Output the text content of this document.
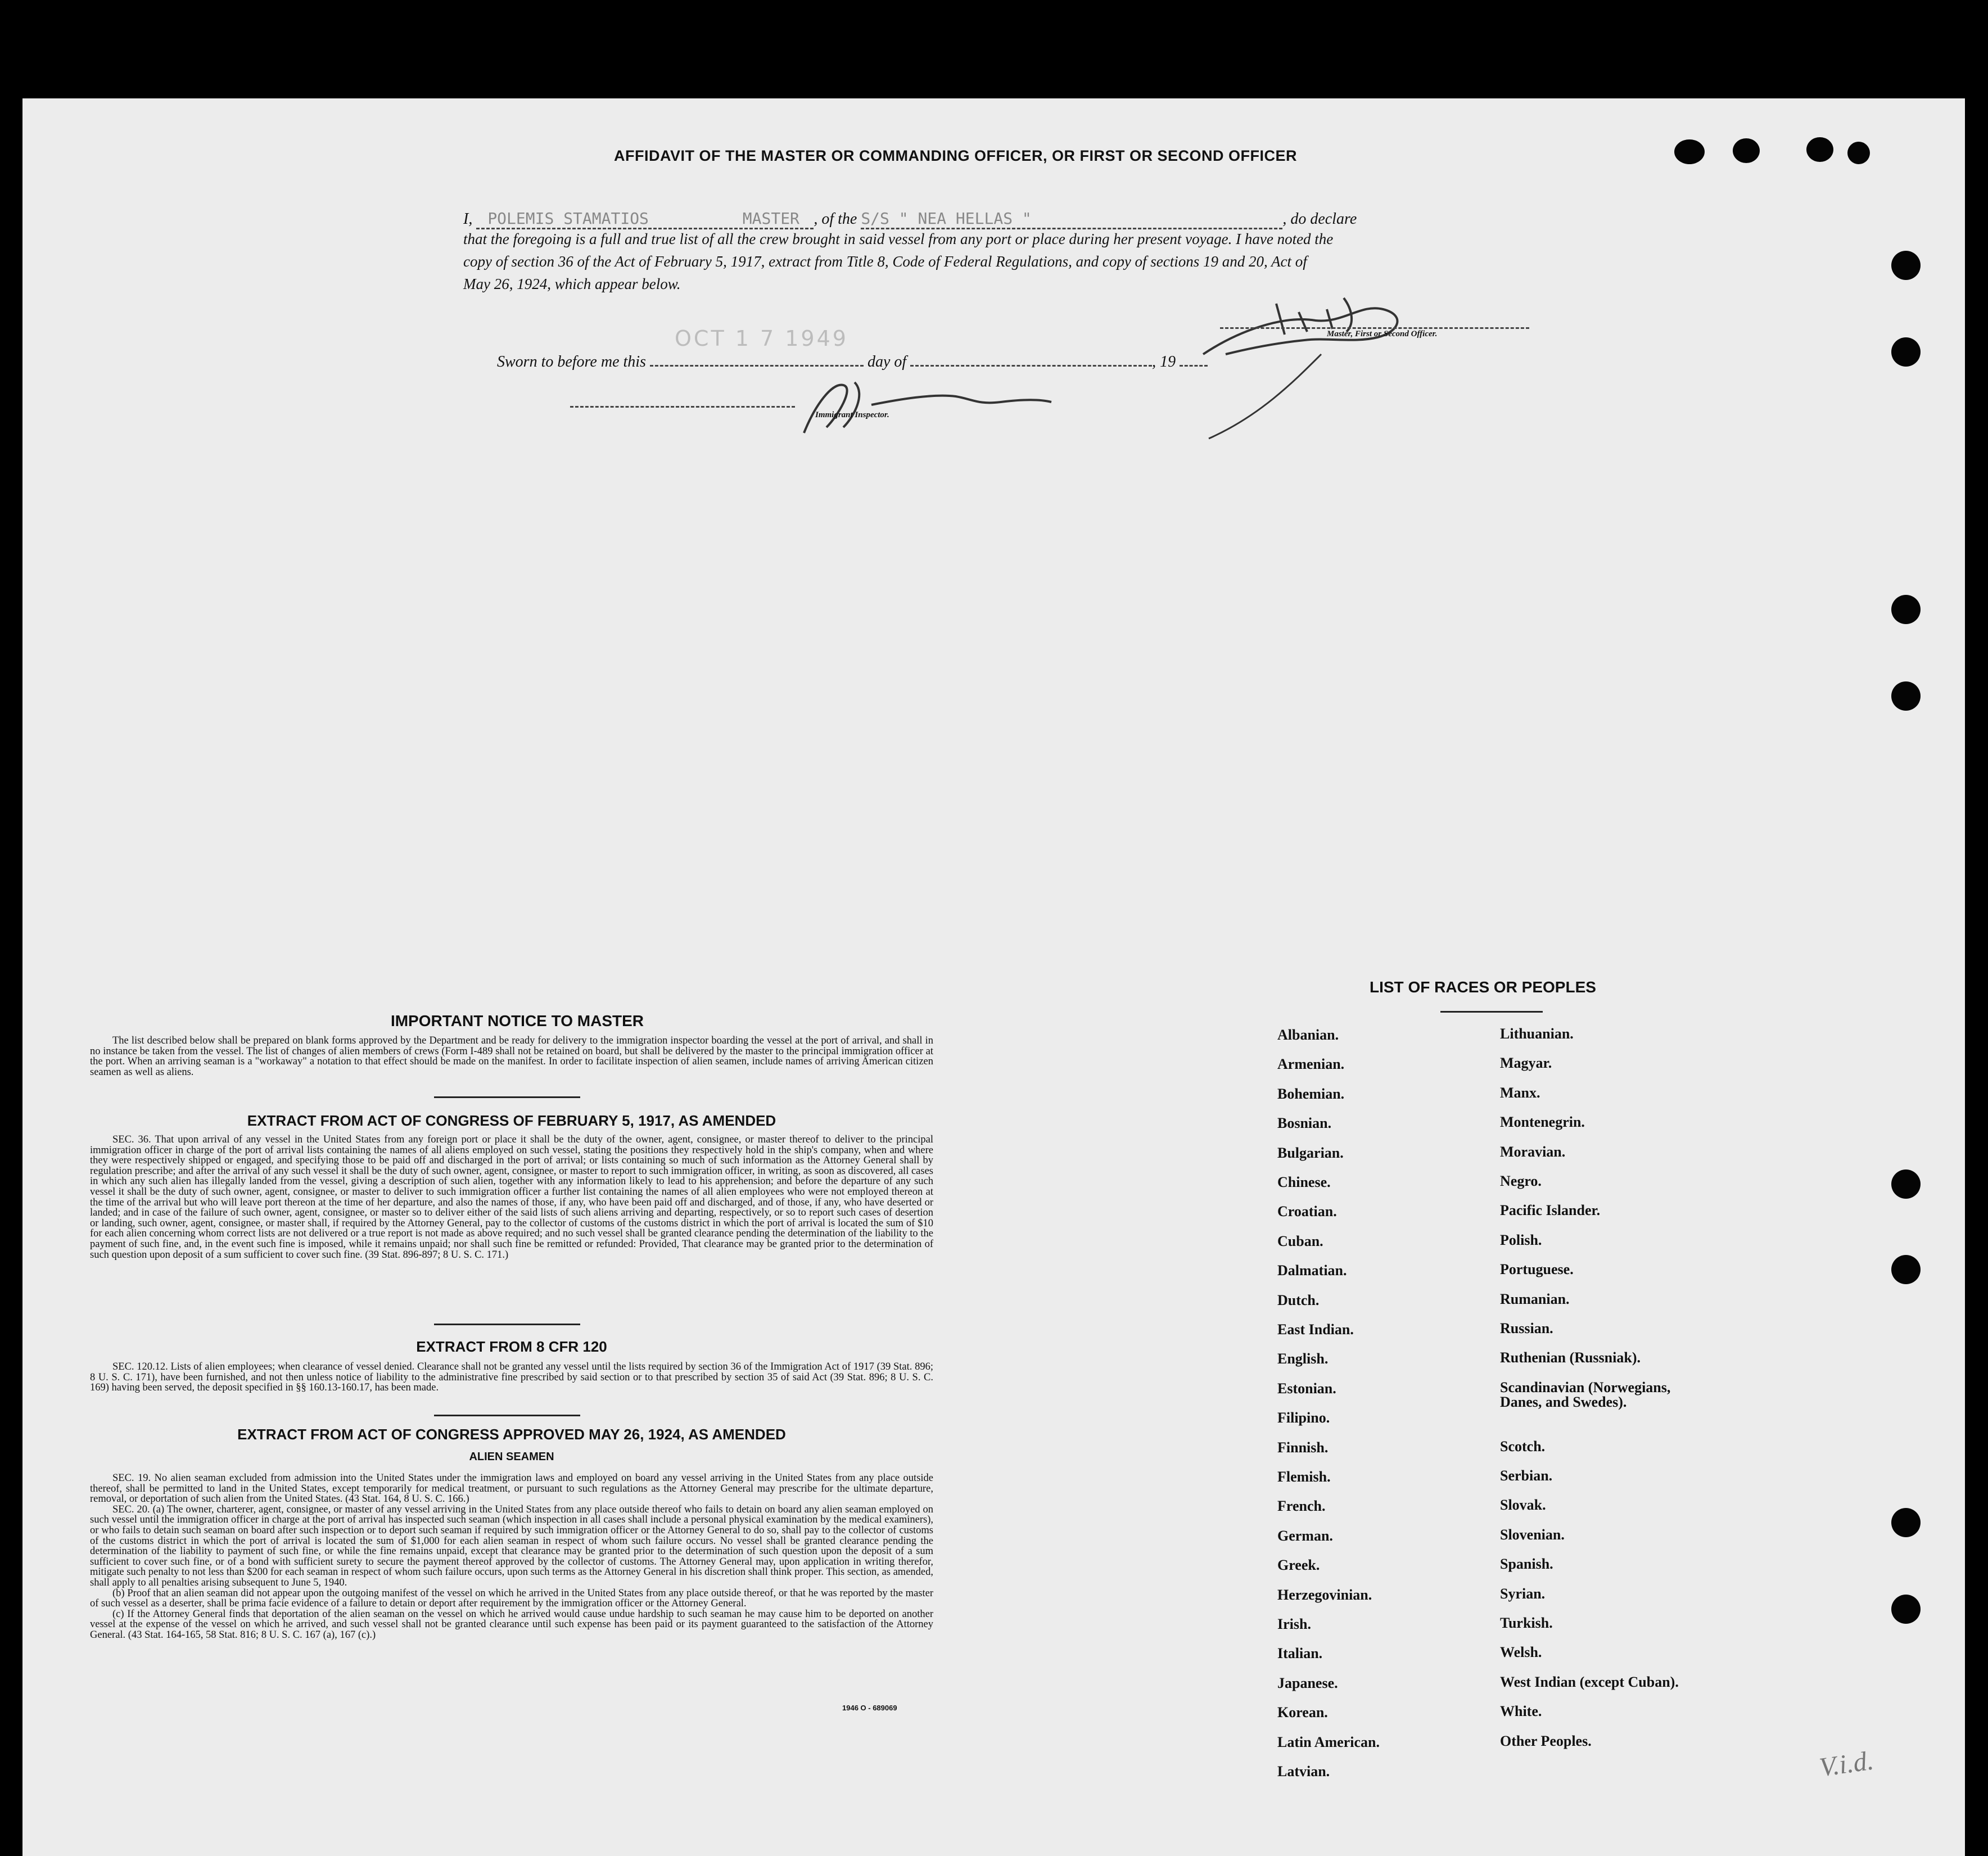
AFFIDAVIT OF THE MASTER OR COMMANDING OFFICER, OR FIRST OR SECOND OFFICER
I, POLEMIS STAMATIOS	MASTER , of the S/S " NEA HELLAS "	, do declare
that the foregoing is a full and true list of all the crew brought in said vessel from any port or place during her present voyage. I have noted the
copy of section 36 of the Act of February 5, 1917, extract from Title 8, Code of Federal Regulations, and copy of sections 19 and 20, Act of
May 26, 1924, which appear below.
OCT 1 7 1949	Master, First or Second Officer.
Sworn to before me this	day of	, 19
Immigrant Inspector.
IMPORTANT NOTICE TO MASTER

The list described below shall be prepared on blank forms approved by the Department and be ready for delivery to the immigration inspector boarding the vessel at the port of arrival, and shall in no instance be taken from the vessel. The list of changes of alien members of crews (Form I-489 shall not be retained on board, but shall be delivered by the master to the principal immigration officer at the port. When an arriving seaman is a "workaway" a notation to that effect should be made on the manifest. In order to facilitate inspection of alien seamen, include names of arriving American citizen seamen as well as aliens.

EXTRACT FROM ACT OF CONGRESS OF FEBRUARY 5, 1917, AS AMENDED

SEC. 36. That upon arrival of any vessel in the United States from any foreign port or place it shall be the duty of the owner, agent, consignee, or master thereof to deliver to the principal immigration officer in charge of the port of arrival lists containing the names of all aliens employed on such vessel, stating the positions they respectively hold in the ship's company, when and where they were respectively shipped or engaged, and specifying those to be paid off and discharged in the port of arrival; or lists containing so much of such information as the Attorney General shall by regulation prescribe; and after the arrival of any such vessel it shall be the duty of such owner, agent, consignee, or master to report to such immigration officer, in writing, as soon as discovered, all cases in which any such alien has illegally landed from the vessel, giving a description of such alien, together with any information likely to lead to his apprehension; and before the departure of any such vessel it shall be the duty of such owner, agent, consignee, or master to deliver to such immigration officer a further list containing the names of all alien employees who were not employed thereon at the time of the arrival but who will leave port thereon at the time of her departure, and also the names of those, if any, who have been paid off and discharged, and of those, if any, who have deserted or landed; and in case of the failure of such owner, agent, consignee, or master so to deliver either of the said lists of such aliens arriving and departing, respectively, or so to report such cases of desertion or landing, such owner, agent, consignee, or master shall, if required by the Attorney General, pay to the collector of customs of the customs district in which the port of arrival is located the sum of $10 for each alien concerning whom correct lists are not delivered or a true report is not made as above required; and no such vessel shall be granted clearance pending the determination of the liability to the payment of such fine, and, in the event such fine is imposed, while it remains unpaid; nor shall such fine be remitted or refunded: Provided, That clearance may be granted prior to the determination of such question upon deposit of a sum sufficient to cover such fine. (39 Stat. 896-897; 8 U. S. C. 171.)

EXTRACT FROM 8 CFR 120

SEC. 120.12. Lists of alien employees; when clearance of vessel denied. Clearance shall not be granted any vessel until the lists required by section 36 of the Immigration Act of 1917 (39 Stat. 896; 8 U. S. C. 171), have been furnished, and not then unless notice of liability to the administrative fine prescribed by said section or to that prescribed by section 35 of said Act (39 Stat. 896; 8 U. S. C. 169) having been served, the deposit specified in §§ 160.13-160.17, has been made.

EXTRACT FROM ACT OF CONGRESS APPROVED MAY 26, 1924, AS AMENDED
ALIEN SEAMEN

SEC. 19. No alien seaman excluded from admission into the United States under the immigration laws and employed on board any vessel arriving in the United States from any place outside thereof, shall be permitted to land in the United States, except temporarily for medical treatment, or pursuant to such regulations as the Attorney General may prescribe for the ultimate departure, removal, or deportation of such alien from the United States. (43 Stat. 164, 8 U. S. C. 166.)

SEC. 20. (a) The owner, charterer, agent, consignee, or master of any vessel arriving in the United States from any place outside thereof who fails to detain on board any alien seaman employed on such vessel until the immigration officer in charge at the port of arrival has inspected such seaman (which inspection in all cases shall include a personal physical examination by the medical examiners), or who fails to detain such seaman on board after such inspection or to deport such seaman if required by such immigration officer or the Attorney General to do so, shall pay to the collector of customs of the customs district in which the port of arrival is located the sum of $1,000 for each alien seaman in respect of whom such failure occurs. No vessel shall be granted clearance pending the determination of the liability to payment of such fine, or while the fine remains unpaid, except that clearance may be granted prior to the determination of such question upon the deposit of a sum sufficient to cover such fine, or of a bond with sufficient surety to secure the payment thereof approved by the collector of customs. The Attorney General may, upon application in writing therefor, mitigate such penalty to not less than $200 for each seaman in respect of whom such failure occurs, upon such terms as the Attorney General in his discretion shall think proper. This section, as amended, shall apply to all penalties arising subsequent to June 5, 1940.

(b) Proof that an alien seaman did not appear upon the outgoing manifest of the vessel on which he arrived in the United States from any place outside thereof, or that he was reported by the master of such vessel as a deserter, shall be prima facie evidence of a failure to detain or deport after requirement by the immigration officer or the Attorney General.

(c) If the Attorney General finds that deportation of the alien seaman on the vessel on which he arrived would cause undue hardship to such seaman he may cause him to be deported on another vessel at the expense of the vessel on which he arrived, and such vessel shall not be granted clearance until such expense has been paid or its payment guaranteed to the satisfaction of the Attorney General. (43 Stat. 164-165, 58 Stat. 816; 8 U. S. C. 167 (a), 167 (c).)

1946 O - 689069
LIST OF RACES OR PEOPLES
Albanian.
Armenian.
Bohemian.
Bosnian.
Bulgarian.
Chinese.
Croatian.
Cuban.
Dalmatian.
Dutch.
East Indian.
English.
Estonian.
Filipino.
Finnish.
Flemish.
French.
German.
Greek.
Herzegovinian.
Irish.
Italian.
Japanese.
Korean.
Latin American.
Latvian.
Lithuanian.
Magyar.
Manx.
Montenegrin.
Moravian.
Negro.
Pacific Islander.
Polish.
Portuguese.
Rumanian.
Russian.
Ruthenian (Russniak).
Scandinavian (Norwegians, Danes, and Swedes).
Scotch.
Serbian.
Slovak.
Slovenian.
Spanish.
Syrian.
Turkish.
Welsh.
West Indian (except Cuban).
White.
Other Peoples.
V.i.d.
